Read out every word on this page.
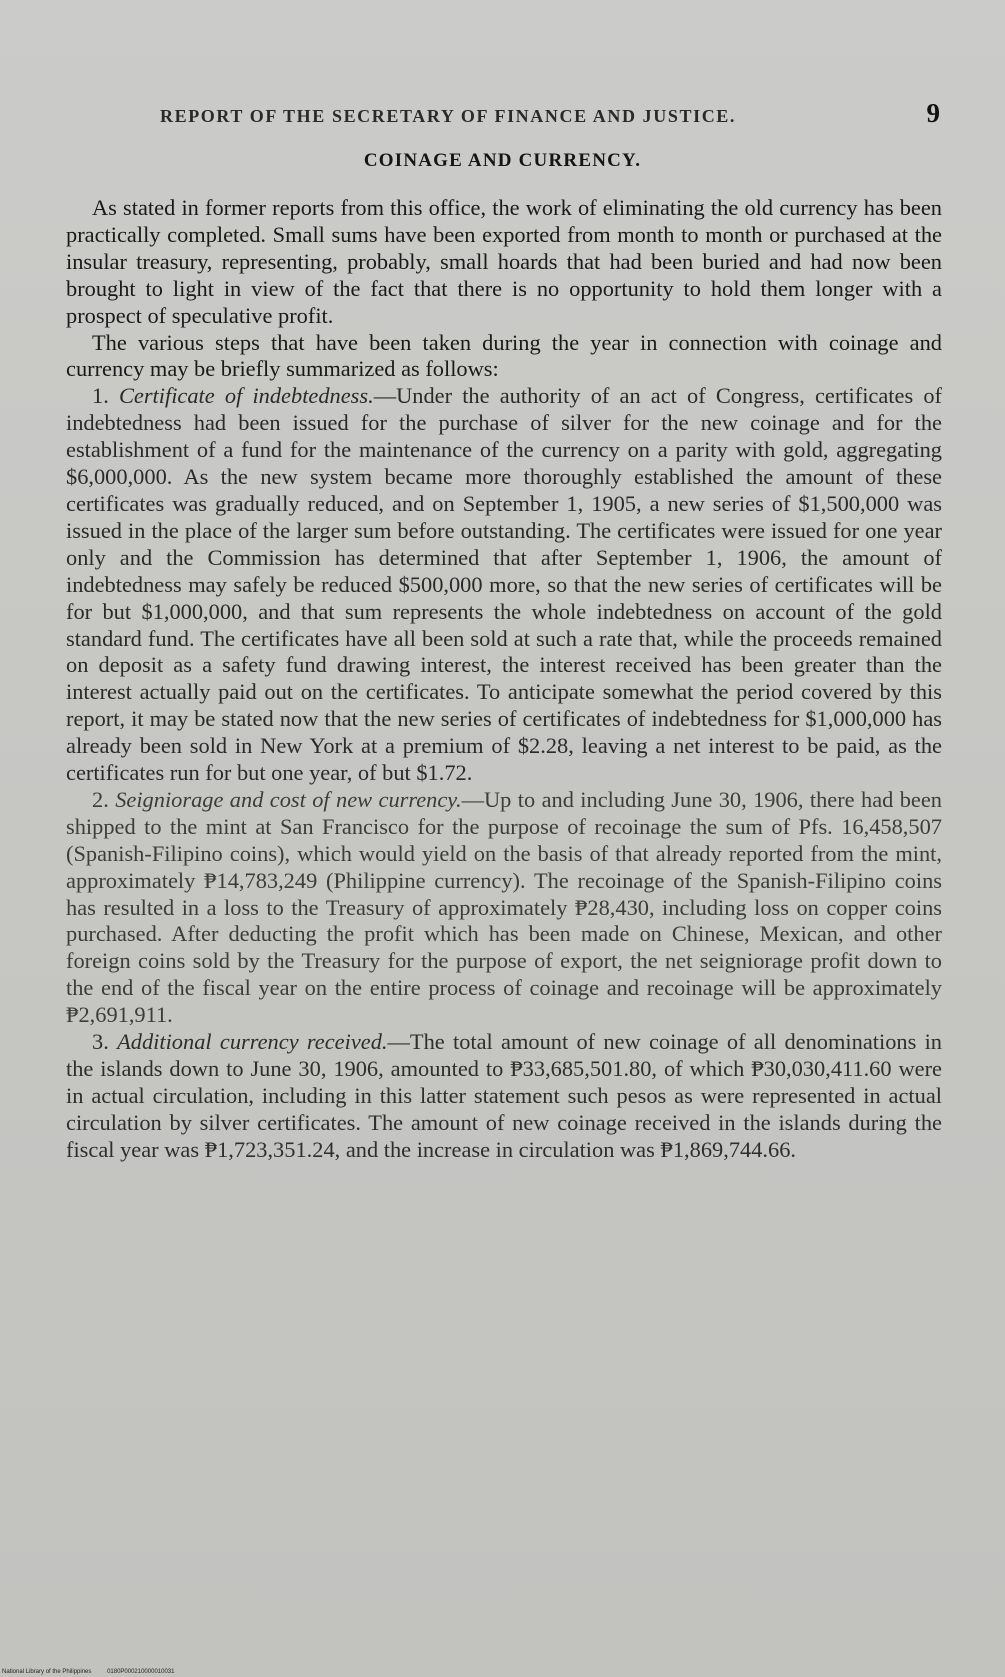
REPORT OF THE SECRETARY OF FINANCE AND JUSTICE.	9
COINAGE AND CURRENCY.

As stated in former reports from this office, the work of eliminating the old currency has been practically completed. Small sums have been exported from month to month or purchased at the insular treasury, representing, probably, small hoards that had been buried and had now been brought to light in view of the fact that there is no opportunity to hold them longer with a prospect of speculative profit.

The various steps that have been taken during the year in connection with coinage and currency may be briefly summarized as follows:

1. Certificate of indebtedness.—Under the authority of an act of Congress, certificates of indebtedness had been issued for the purchase of silver for the new coinage and for the establishment of a fund for the maintenance of the currency on a parity with gold, aggregating $6,000,000. As the new system became more thoroughly established the amount of these certificates was gradually reduced, and on September 1, 1905, a new series of $1,500,000 was issued in the place of the larger sum before outstanding. The certificates were issued for one year only and the Commission has determined that after September 1, 1906, the amount of indebtedness may safely be reduced $500,000 more, so that the new series of certificates will be for but $1,000,000, and that sum represents the whole indebtedness on account of the gold standard fund. The certificates have all been sold at such a rate that, while the proceeds remained on deposit as a safety fund drawing interest, the interest received has been greater than the interest actually paid out on the certificates. To anticipate somewhat the period covered by this report, it may be stated now that the new series of certificates of indebtedness for $1,000,000 has already been sold in New York at a premium of $2.28, leaving a net interest to be paid, as the certificates run for but one year, of but $1.72.

2. Seigniorage and cost of new currency.—Up to and including June 30, 1906, there had been shipped to the mint at San Francisco for the purpose of recoinage the sum of Pfs. 16,458,507 (Spanish-Filipino coins), which would yield on the basis of that already reported from the mint, approximately ₱14,783,249 (Philippine currency). The recoinage of the Spanish-Filipino coins has resulted in a loss to the Treasury of approximately ₱28,430, including loss on copper coins purchased. After deducting the profit which has been made on Chinese, Mexican, and other foreign coins sold by the Treasury for the purpose of export, the net seigniorage profit down to the end of the fiscal year on the entire process of coinage and recoinage will be approximately ₱2,691,911.

3. Additional currency received.—The total amount of new coinage of all denominations in the islands down to June 30, 1906, amounted to ₱33,685,501.80, of which ₱30,030,411.60 were in actual circulation, including in this latter statement such pesos as were represented in actual circulation by silver certificates. The amount of new coinage received in the islands during the fiscal year was ₱1,723,351.24, and the increase in circulation was ₱1,869,744.66.

National Library of the Philippines	0180P000210000010031
